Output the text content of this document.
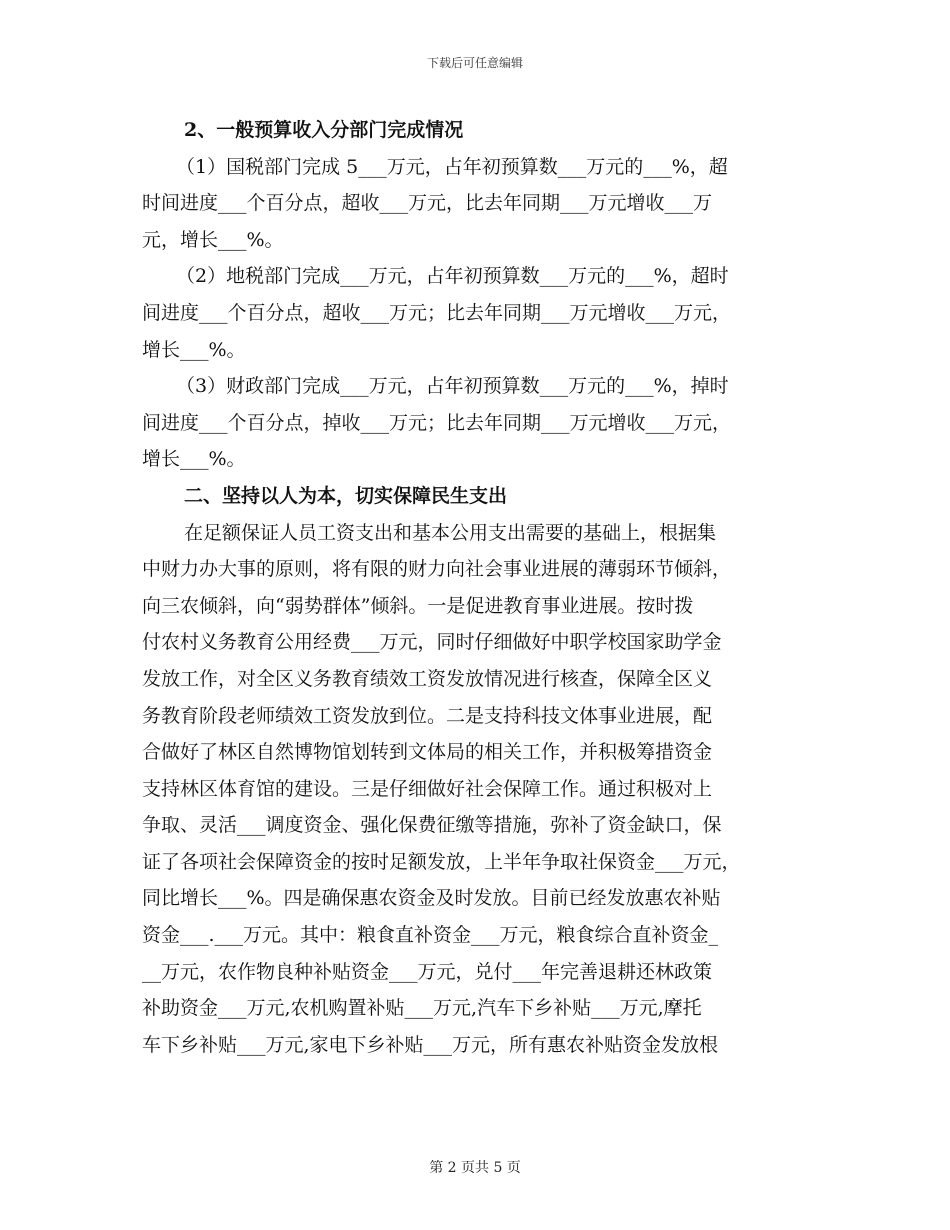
下载后可任意编辑
2、一般预算收入分部门完成情况
（1）国税部门完成 5___万元，占年初预算数___万元的___%，超
时间进度___个百分点，超收___万元，比去年同期___万元增收___万
元，增长___%。
（2）地税部门完成___万元，占年初预算数___万元的___%，超时
间进度___个百分点，超收___万元；比去年同期___万元增收___万元，
增长___%。
（3）财政部门完成___万元，占年初预算数___万元的___%，掉时
间进度___个百分点，掉收___万元；比去年同期___万元增收___万元，
增长___%。
二、坚持以人为本，切实保障民生支出
在足额保证人员工资支出和基本公用支出需要的基础上，根据集
中财力办大事的原则，将有限的财力向社会事业进展的薄弱环节倾斜，
向三农倾斜，向“弱势群体”倾斜。一是促进教育事业进展。按时拨
付农村义务教育公用经费___万元，同时仔细做好中职学校国家助学金
发放工作，对全区义务教育绩效工资发放情况进行核查，保障全区义
务教育阶段老师绩效工资发放到位。二是支持科技文体事业进展，配
合做好了林区自然博物馆划转到文体局的相关工作，并积极筹措资金
支持林区体育馆的建设。三是仔细做好社会保障工作。通过积极对上
争取、灵活___调度资金、强化保费征缴等措施，弥补了资金缺口，保
证了各项社会保障资金的按时足额发放，上半年争取社保资金___万元，
同比增长___%。四是确保惠农资金及时发放。目前已经发放惠农补贴
资金___.___万元。其中：粮食直补资金___万元，粮食综合直补资金_
__万元，农作物良种补贴资金___万元，兑付___年完善退耕还林政策
补助资金___万元,农机购置补贴___万元,汽车下乡补贴___万元,摩托
车下乡补贴___万元,家电下乡补贴___万元，所有惠农补贴资金发放根
第 2 页共 5 页
